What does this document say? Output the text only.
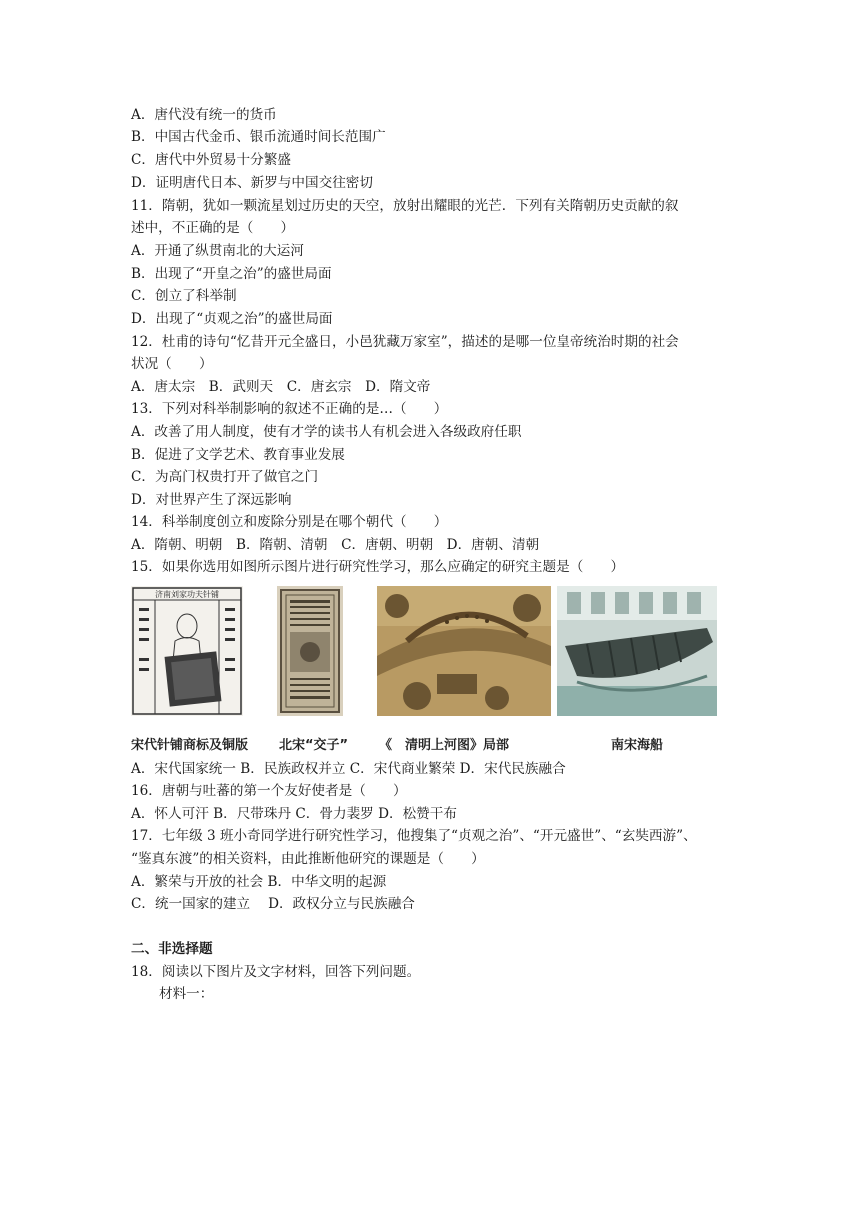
A．唐代没有统一的货币
B．中国古代金币、银币流通时间长范围广
C．唐代中外贸易十分繁盛
D．证明唐代日本、新罗与中国交往密切
11．隋朝，犹如一颗流星划过历史的天空，放射出耀眼的光芒．下列有关隋朝历史贡献的叙
述中，不正确的是（　　）
A．开通了纵贯南北的大运河
B．出现了“开皇之治”的盛世局面
C．创立了科举制
D．出现了“贞观之治”的盛世局面
12．杜甫的诗句“忆昔开元全盛日，小邑犹藏万家室”，描述的是哪一位皇帝统治时期的社会
状况（　　）
A．唐太宗　B．武则天　C．唐玄宗　D．隋文帝
13．下列对科举制影响的叙述不正确的是…（　　）
A．改善了用人制度，使有才学的读书人有机会进入各级政府任职
B．促进了文学艺术、教育事业发展
C．为高门权贵打开了做官之门
D．对世界产生了深远影响
14．科举制度创立和废除分别是在哪个朝代（　　）
A．隋朝、明朝　B．隋朝、清朝　C．唐朝、明朝　D．唐朝、清朝
15．如果你选用如图所示图片进行研究性学习，那么应确定的研究主题是（　　）
济南刘家功夫针铺
宋代针铺商标及铜版 北宋“交子” 《　清明上河图》局部	南宋海船
A．宋代国家统一 B．民族政权并立 C．宋代商业繁荣 D．宋代民族融合
16．唐朝与吐蕃的第一个友好使者是（　　）
A．怀人可汗 B．尺带珠丹 C．骨力裴罗 D．松赞干布
17．七年级 3 班小奇同学进行研究性学习，他搜集了“贞观之治”、“开元盛世”、“玄奘西游”、
“鉴真东渡”的相关资料，由此推断他研究的课题是（　　）
A．繁荣与开放的社会 B．中华文明的起源
C．统一国家的建立　 D．政权分立与民族融合
二、非选择题
18．阅读以下图片及文字材料，回答下列问题。
材料一：
